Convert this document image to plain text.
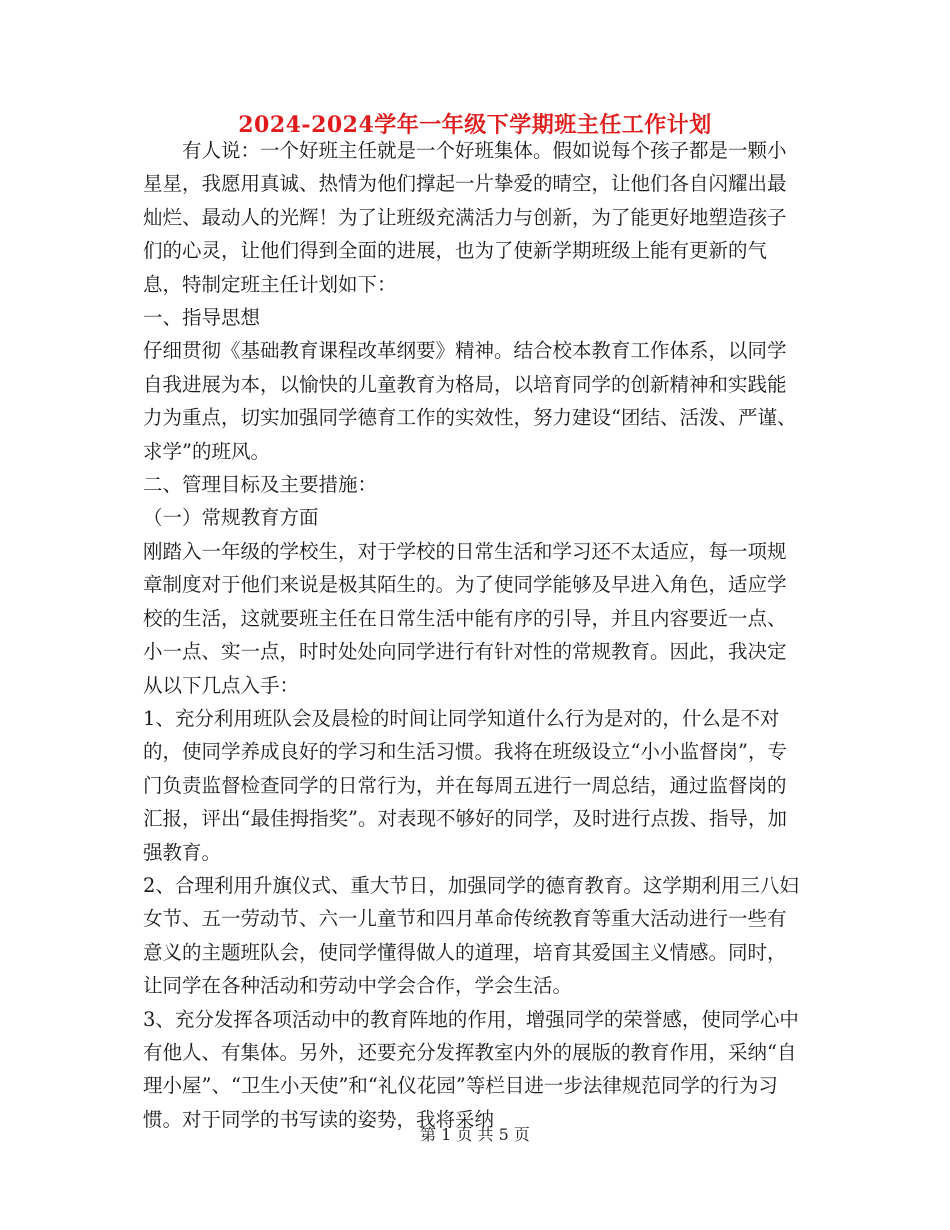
2024-2024学年一年级下学期班主任工作计划

有人说：一个好班主任就是一个好班集体。假如说每个孩子都是一颗小星星，我愿用真诚、热情为他们撑起一片挚爱的晴空，让他们各自闪耀出最灿烂、最动人的光辉！为了让班级充满活力与创新，为了能更好地塑造孩子们的心灵，让他们得到全面的进展，也为了使新学期班级上能有更新的气息，特制定班主任计划如下：

一、指导思想

仔细贯彻《基础教育课程改革纲要》精神。结合校本教育工作体系，以同学自我进展为本，以愉快的儿童教育为格局，以培育同学的创新精神和实践能力为重点，切实加强同学德育工作的实效性，努力建设“团结、活泼、严谨、求学”的班风。

二、管理目标及主要措施：

（一）常规教育方面

刚踏入一年级的学校生，对于学校的日常生活和学习还不太适应，每一项规章制度对于他们来说是极其陌生的。为了使同学能够及早进入角色，适应学校的生活，这就要班主任在日常生活中能有序的引导，并且内容要近一点、小一点、实一点，时时处处向同学进行有针对性的常规教育。因此，我决定从以下几点入手：

1、充分利用班队会及晨检的时间让同学知道什么行为是对的，什么是不对的，使同学养成良好的学习和生活习惯。我将在班级设立“小小监督岗”，专门负责监督检查同学的日常行为，并在每周五进行一周总结，通过监督岗的汇报，评出“最佳拇指奖”。对表现不够好的同学，及时进行点拨、指导，加强教育。

2、合理利用升旗仪式、重大节日，加强同学的德育教育。这学期利用三八妇女节、五一劳动节、六一儿童节和四月革命传统教育等重大活动进行一些有意义的主题班队会，使同学懂得做人的道理，培育其爱国主义情感。同时，让同学在各种活动和劳动中学会合作，学会生活。

3、充分发挥各项活动中的教育阵地的作用，增强同学的荣誉感，使同学心中有他人、有集体。另外，还要充分发挥教室内外的展版的教育作用，采纳“自理小屋”、“卫生小天使”和“礼仪花园”等栏目进一步法律规范同学的行为习惯。对于同学的书写读的姿势，我将采纳

第 1 页 共 5 页
